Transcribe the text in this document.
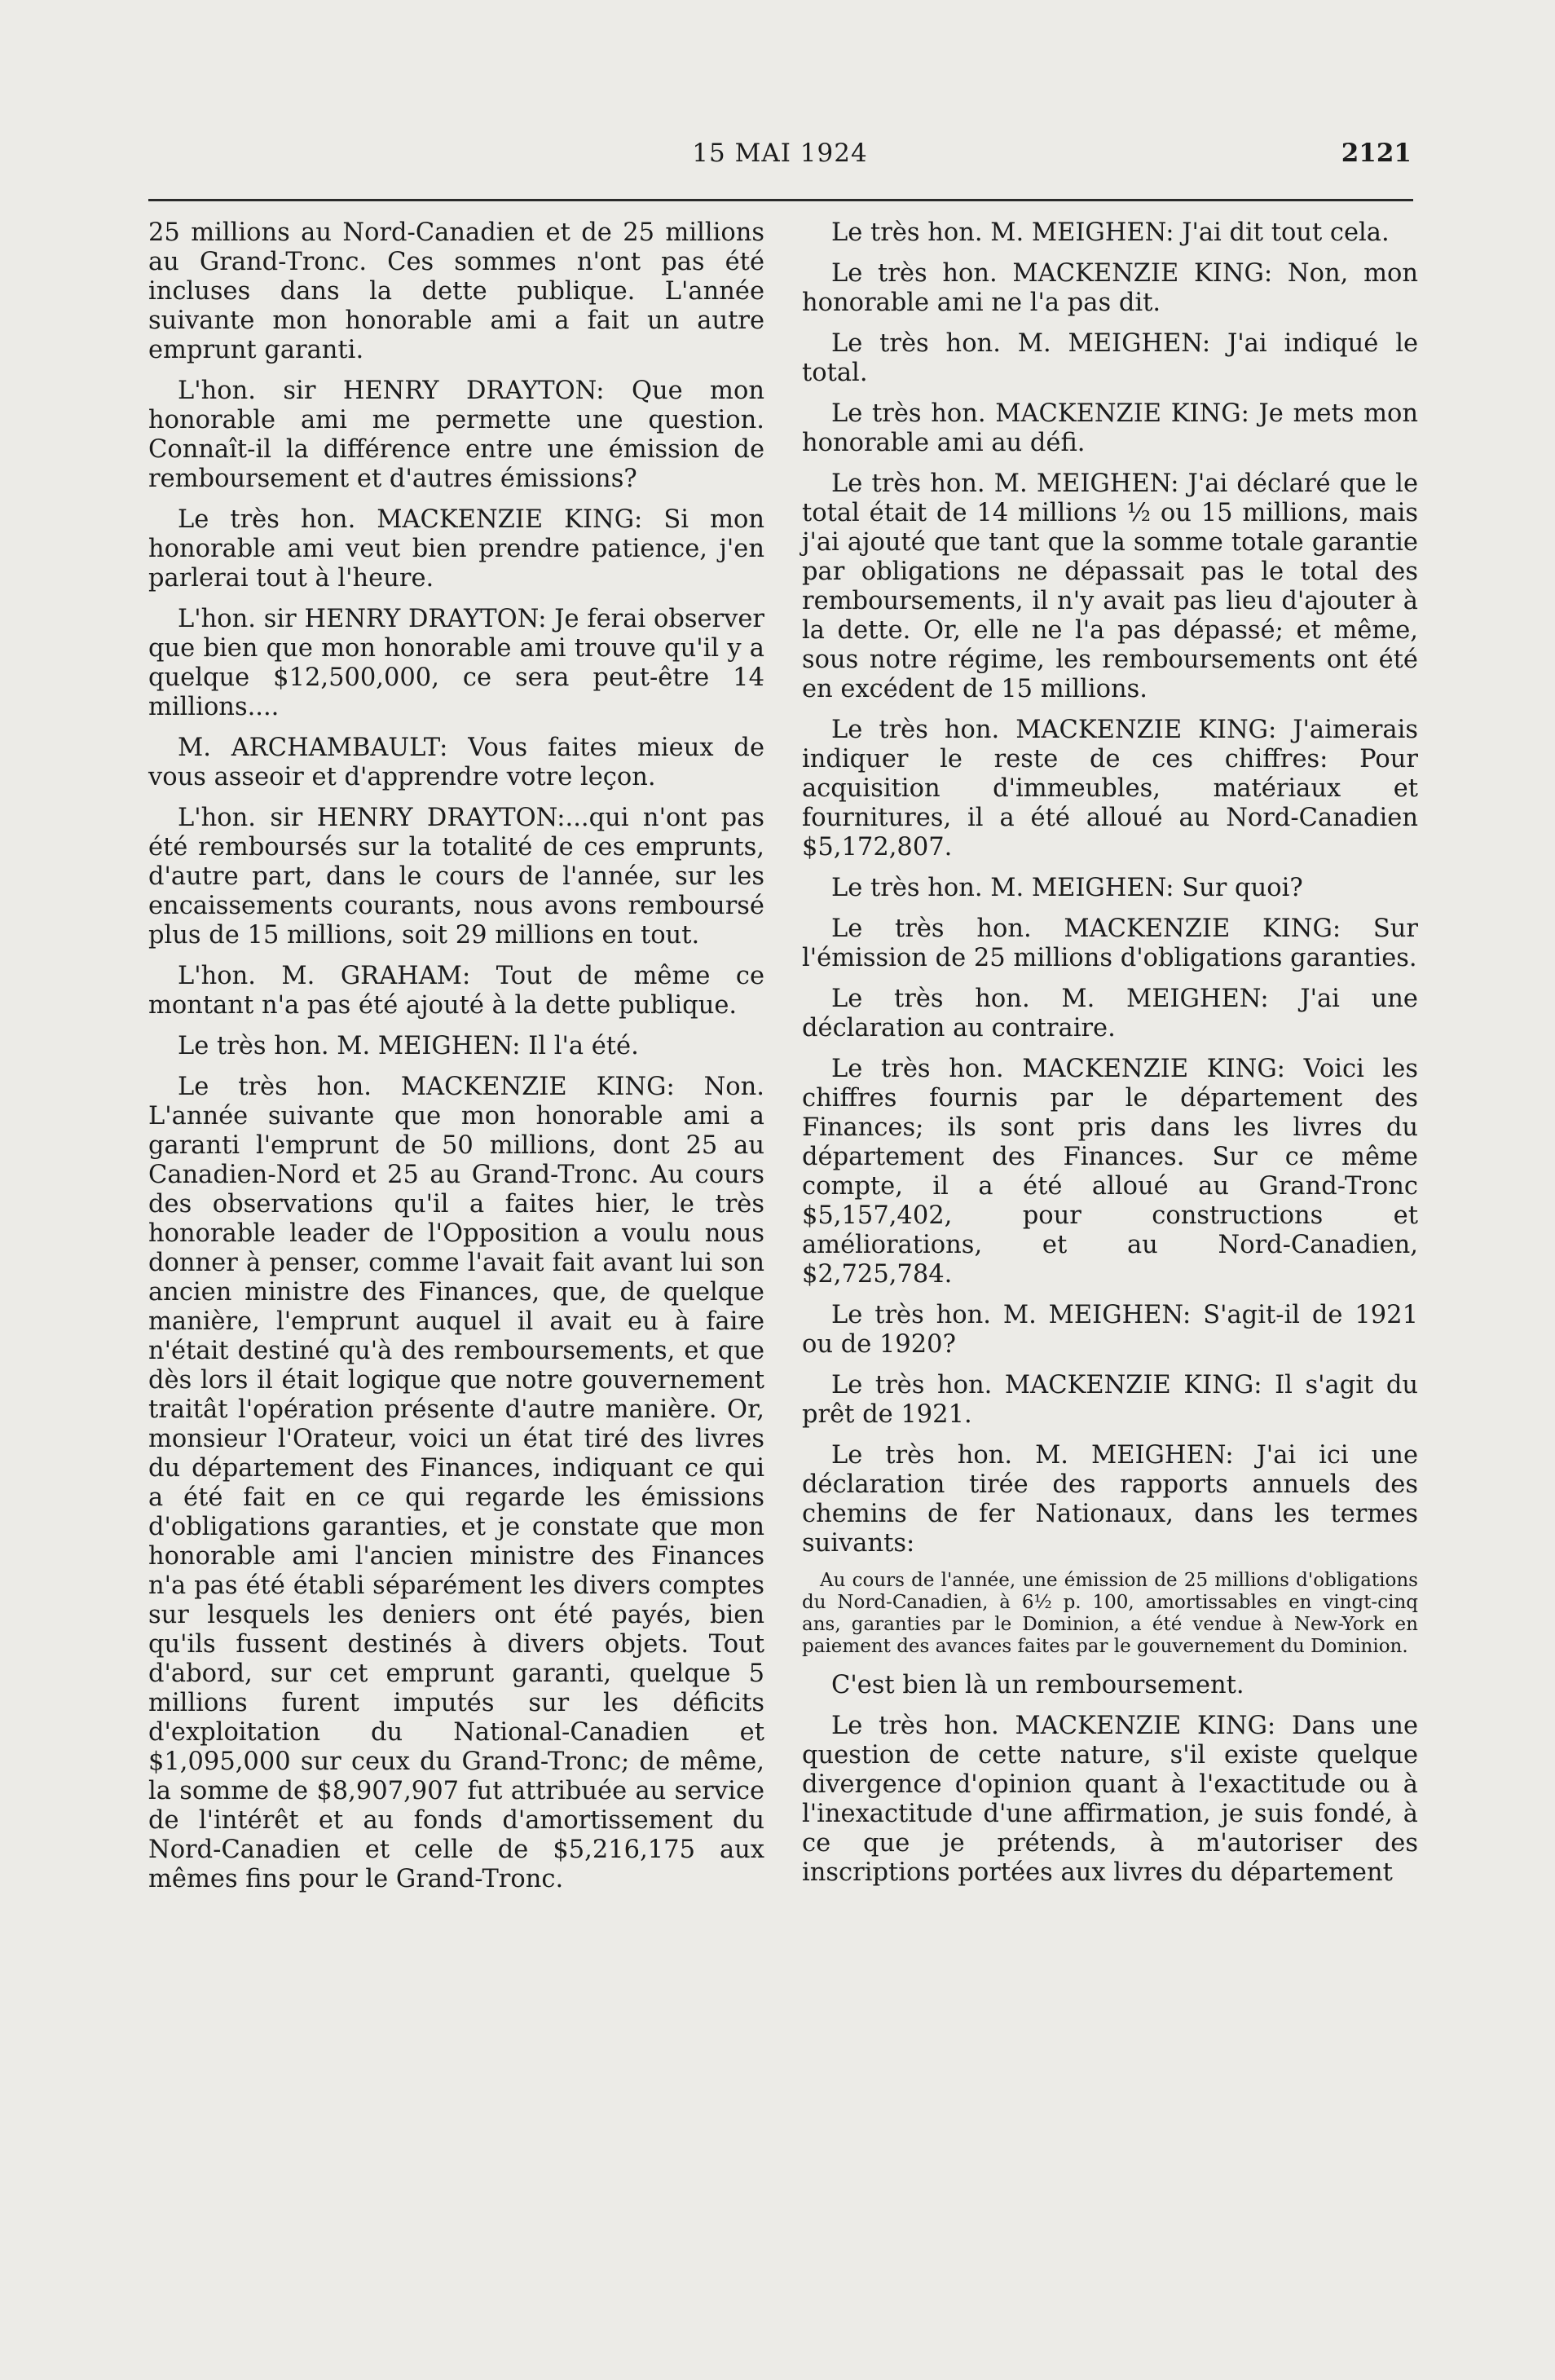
15 MAI 1924	2121

25 millions au Nord-Canadien et de 25 millions au Grand-Tronc. Ces sommes n'ont pas été incluses dans la dette publique. L'année suivante mon honorable ami a fait un autre emprunt garanti.

L'hon. sir HENRY DRAYTON: Que mon honorable ami me permette une question. Connaît-il la différence entre une émission de remboursement et d'autres émissions?

Le très hon. MACKENZIE KING: Si mon honorable ami veut bien prendre patience, j'en parlerai tout à l'heure.

L'hon. sir HENRY DRAYTON: Je ferai observer que bien que mon honorable ami trouve qu'il y a quelque $12,500,000, ce sera peut-être 14 millions....

M. ARCHAMBAULT: Vous faites mieux de vous asseoir et d'apprendre votre leçon.

L'hon. sir HENRY DRAYTON:...qui n'ont pas été remboursés sur la totalité de ces emprunts, d'autre part, dans le cours de l'année, sur les encaissements courants, nous avons remboursé plus de 15 millions, soit 29 millions en tout.

L'hon. M. GRAHAM: Tout de même ce montant n'a pas été ajouté à la dette publique.

Le très hon. M. MEIGHEN: Il l'a été.

Le très hon. MACKENZIE KING: Non. L'année suivante que mon honorable ami a garanti l'emprunt de 50 millions, dont 25 au Canadien-Nord et 25 au Grand-Tronc. Au cours des observations qu'il a faites hier, le très honorable leader de l'Opposition a voulu nous donner à penser, comme l'avait fait avant lui son ancien ministre des Finances, que, de quelque manière, l'emprunt auquel il avait eu à faire n'était destiné qu'à des remboursements, et que dès lors il était logique que notre gouvernement traitât l'opération présente d'autre manière. Or, monsieur l'Orateur, voici un état tiré des livres du département des Finances, indiquant ce qui a été fait en ce qui regarde les émissions d'obligations garanties, et je constate que mon honorable ami l'ancien ministre des Finances n'a pas été établi séparément les divers comptes sur lesquels les deniers ont été payés, bien qu'ils fussent destinés à divers objets. Tout d'abord, sur cet emprunt garanti, quelque 5 millions furent imputés sur les déficits d'exploitation du National-Canadien et $1,095,000 sur ceux du Grand-Tronc; de même, la somme de $8,907,907 fut attribuée au service de l'intérêt et au fonds d'amortissement du Nord-Canadien et celle de $5,216,175 aux mêmes fins pour le Grand-Tronc.

Le très hon. M. MEIGHEN: J'ai dit tout cela.

Le très hon. MACKENZIE KING: Non, mon honorable ami ne l'a pas dit.

Le très hon. M. MEIGHEN: J'ai indiqué le total.

Le très hon. MACKENZIE KING: Je mets mon honorable ami au défi.

Le très hon. M. MEIGHEN: J'ai déclaré que le total était de 14 millions ½ ou 15 millions, mais j'ai ajouté que tant que la somme totale garantie par obligations ne dépassait pas le total des remboursements, il n'y avait pas lieu d'ajouter à la dette. Or, elle ne l'a pas dépassé; et même, sous notre régime, les remboursements ont été en excédent de 15 millions.

Le très hon. MACKENZIE KING: J'aimerais indiquer le reste de ces chiffres: Pour acquisition d'immeubles, matériaux et fournitures, il a été alloué au Nord-Canadien $5,172,807.

Le très hon. M. MEIGHEN: Sur quoi?

Le très hon. MACKENZIE KING: Sur l'émission de 25 millions d'obligations garanties.

Le très hon. M. MEIGHEN: J'ai une déclaration au contraire.

Le très hon. MACKENZIE KING: Voici les chiffres fournis par le département des Finances; ils sont pris dans les livres du département des Finances. Sur ce même compte, il a été alloué au Grand-Tronc $5,157,402, pour constructions et améliorations, et au Nord-Canadien, $2,725,784.

Le très hon. M. MEIGHEN: S'agit-il de 1921 ou de 1920?

Le très hon. MACKENZIE KING: Il s'agit du prêt de 1921.

Le très hon. M. MEIGHEN: J'ai ici une déclaration tirée des rapports annuels des chemins de fer Nationaux, dans les termes suivants:

Au cours de l'année, une émission de 25 millions d'obligations du Nord-Canadien, à 6½ p. 100, amortissables en vingt-cinq ans, garanties par le Dominion, a été vendue à New-York en paiement des avances faites par le gouvernement du Dominion.

C'est bien là un remboursement.

Le très hon. MACKENZIE KING: Dans une question de cette nature, s'il existe quelque divergence d'opinion quant à l'exactitude ou à l'inexactitude d'une affirmation, je suis fondé, à ce que je prétends, à m'autoriser des inscriptions portées aux livres du département
